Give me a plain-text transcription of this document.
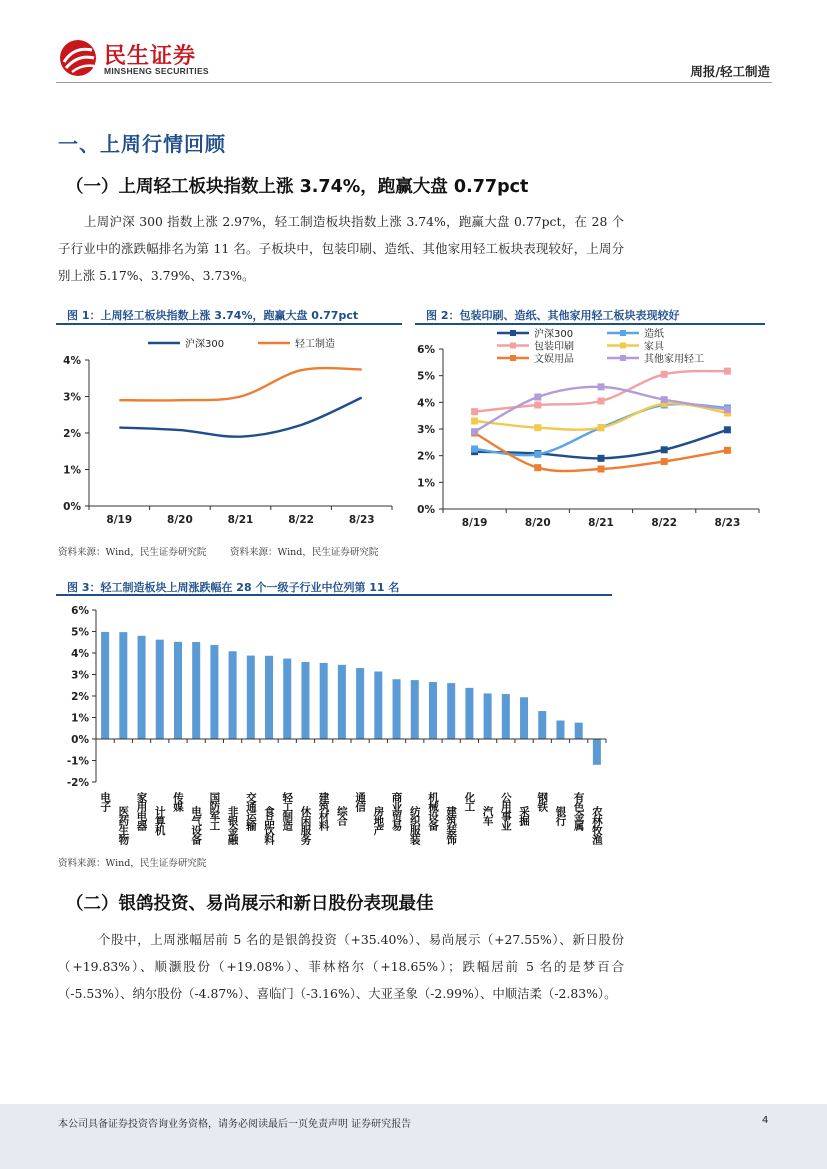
民生证券
MINSHENG SECURITIES	周报/轻工制造
一、上周行情回顾
（一）上周轻工板块指数上涨 3.74%，跑赢大盘 0.77pct
上周沪深 300 指数上涨 2.97%，轻工制造板块指数上涨 3.74%，跑赢大盘 0.77pct，在 28 个子行业中的涨跌幅排名为第 11 名。子板块中，包装印刷、造纸、其他家用轻工板块表现较好，上周分别上涨 5.17%、3.79%、3.73%。
图 1：上周轻工板块指数上涨 3.74%，跑赢大盘 0.77pct
0%
1%
2%
3%
4%
8/19	8/20	8/21	8/22	8/23
沪深300	轻工制造
图 2：包装印刷、造纸、其他家用轻工板块表现较好
0%
1%
2%
3%
4%
5%
6%
8/19	8/20	8/21	8/22	8/23
沪深300	造纸
包装印刷	家具
文娱用品	其他家用轻工
资料来源：Wind，民生证券研究院 资料来源：Wind，民生证券研究院
图 3：轻工制造板块上周涨跌幅在 28 个一级子行业中位列第 11 名
-2%
-1%
0%
1%
2%
3%
4%
5%
6%
电子
医药生物 家用电器 计算机
传媒
电气设备 国防军工 非银金融 交通运输 食品饮料 轻工制造 休闲服务 建筑材料 综合
通信
房地产 商业贸易 纺织服装 机械设备 建筑装饰
化工
汽车 公用事业 采掘
钢铁
银行 有色金属 农林牧渔
资料来源：Wind，民生证券研究院
（二）银鸽投资、易尚展示和新日股份表现最佳
个股中，上周涨幅居前 5 名的是银鸽投资（+35.40%）、易尚展示（+27.55%）、新日股份（+19.83%）、顺灏股份（+19.08%）、菲林格尔（+18.65%）；跌幅居前 5 名的是梦百合（-5.53%）、纳尔股份（-4.87%）、喜临门（-3.16%）、大亚圣象（-2.99%）、中顺洁柔（-2.83%）。
本公司具备证券投资咨询业务资格，请务必阅读最后一页免责声明 证券研究报告	4
